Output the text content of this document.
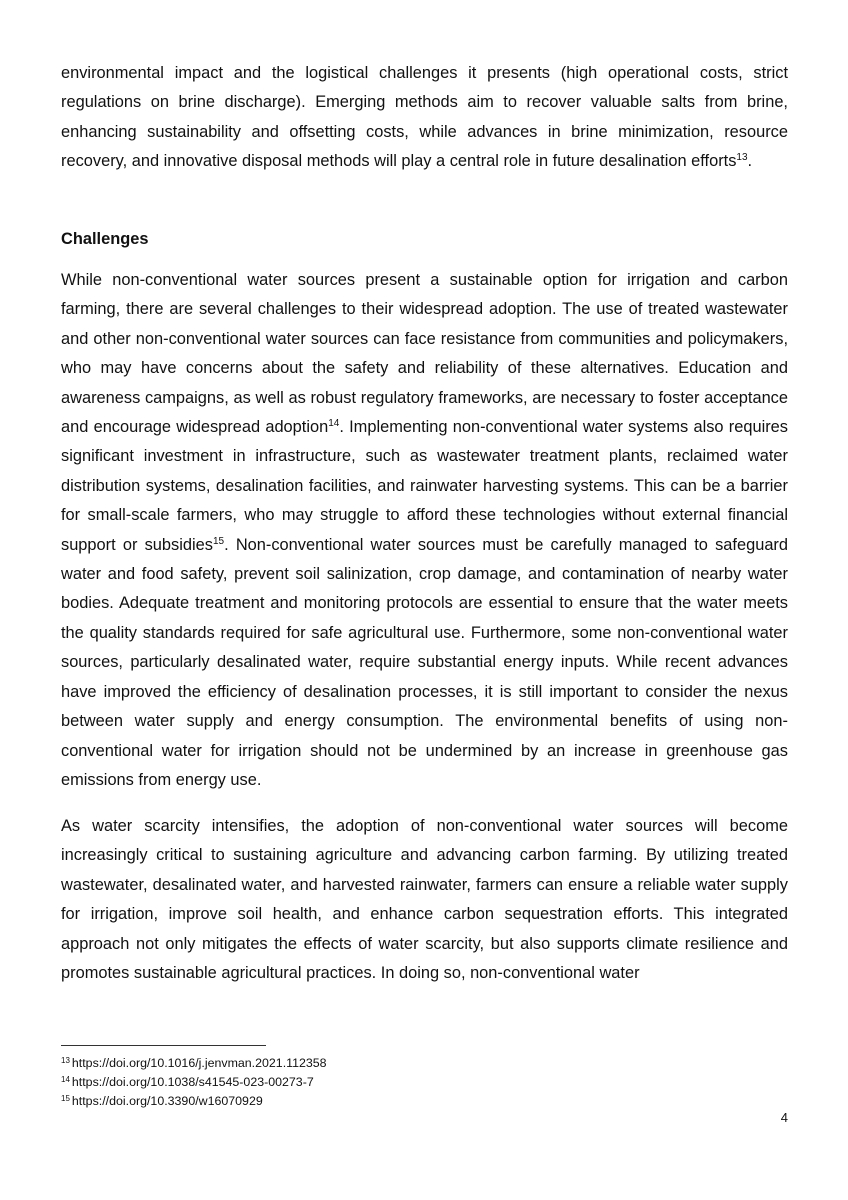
environmental impact and the logistical challenges it presents (high operational costs, strict regulations on brine discharge). Emerging methods aim to recover valuable salts from brine, enhancing sustainability and offsetting costs, while advances in brine minimization, resource recovery, and innovative disposal methods will play a central role in future desalination efforts$^{13}$.

Challenges

While non-conventional water sources present a sustainable option for irrigation and carbon farming, there are several challenges to their widespread adoption. The use of treated wastewater and other non-conventional water sources can face resistance from communities and policymakers, who may have concerns about the safety and reliability of these alternatives. Education and awareness campaigns, as well as robust regulatory frameworks, are necessary to foster acceptance and encourage widespread adoption$^{14}$. Implementing non-conventional water systems also requires significant investment in infrastructure, such as wastewater treatment plants, reclaimed water distribution systems, desalination facilities, and rainwater harvesting systems. This can be a barrier for small-scale farmers, who may struggle to afford these technologies without external financial support or subsidies$^{15}$. Non-conventional water sources must be carefully managed to safeguard water and food safety, prevent soil salinization, crop damage, and contamination of nearby water bodies. Adequate treatment and monitoring protocols are essential to ensure that the water meets the quality standards required for safe agricultural use. Furthermore, some non-conventional water sources, particularly desalinated water, require substantial energy inputs. While recent advances have improved the efficiency of desalination processes, it is still important to consider the nexus between water supply and energy consumption. The environmental benefits of using non-conventional water for irrigation should not be undermined by an increase in greenhouse gas emissions from energy use.

As water scarcity intensifies, the adoption of non-conventional water sources will become increasingly critical to sustaining agriculture and advancing carbon farming. By utilizing treated wastewater, desalinated water, and harvested rainwater, farmers can ensure a reliable water supply for irrigation, improve soil health, and enhance carbon sequestration efforts. This integrated approach not only mitigates the effects of water scarcity, but also supports climate resilience and promotes sustainable agricultural practices. In doing so, non-conventional water

$^{13}$ https://doi.org/10.1016/j.jenvman.2021.112358

$^{14}$ https://doi.org/10.1038/s41545-023-00273-7

$^{15}$ https://doi.org/10.3390/w16070929

4
